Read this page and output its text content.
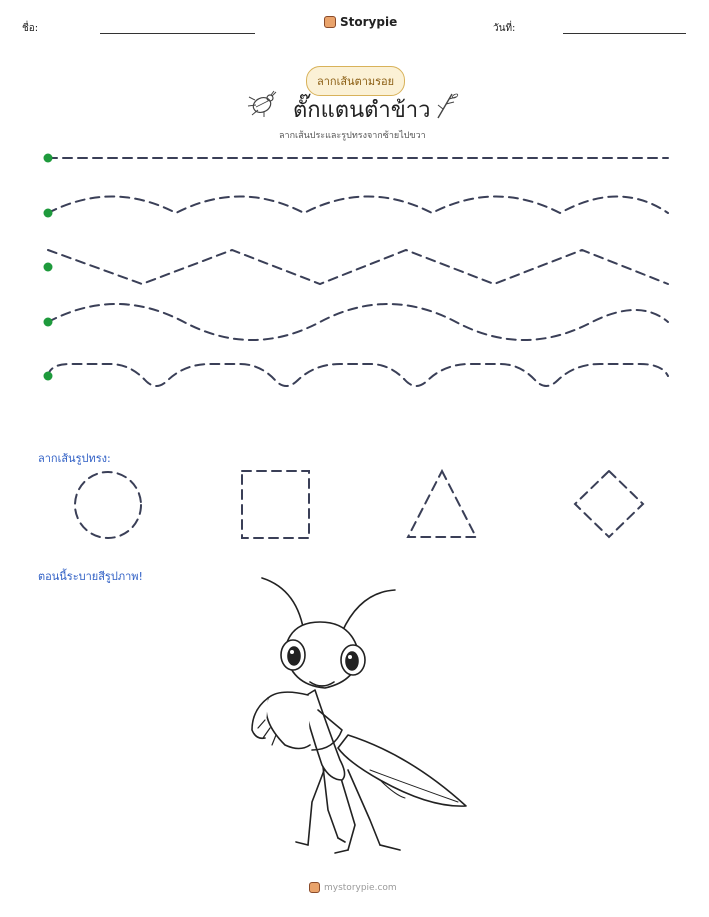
ชื่อ:	Storypie	วันที่:
ลากเส้นตามรอย
ตั๊กแตนตำข้าว
ลากเส้นประและรูปทรงจากซ้ายไปขวา
ลากเส้นรูปทรง:
ตอนนี้ระบายสีรูปภาพ!
mystorypie.com
